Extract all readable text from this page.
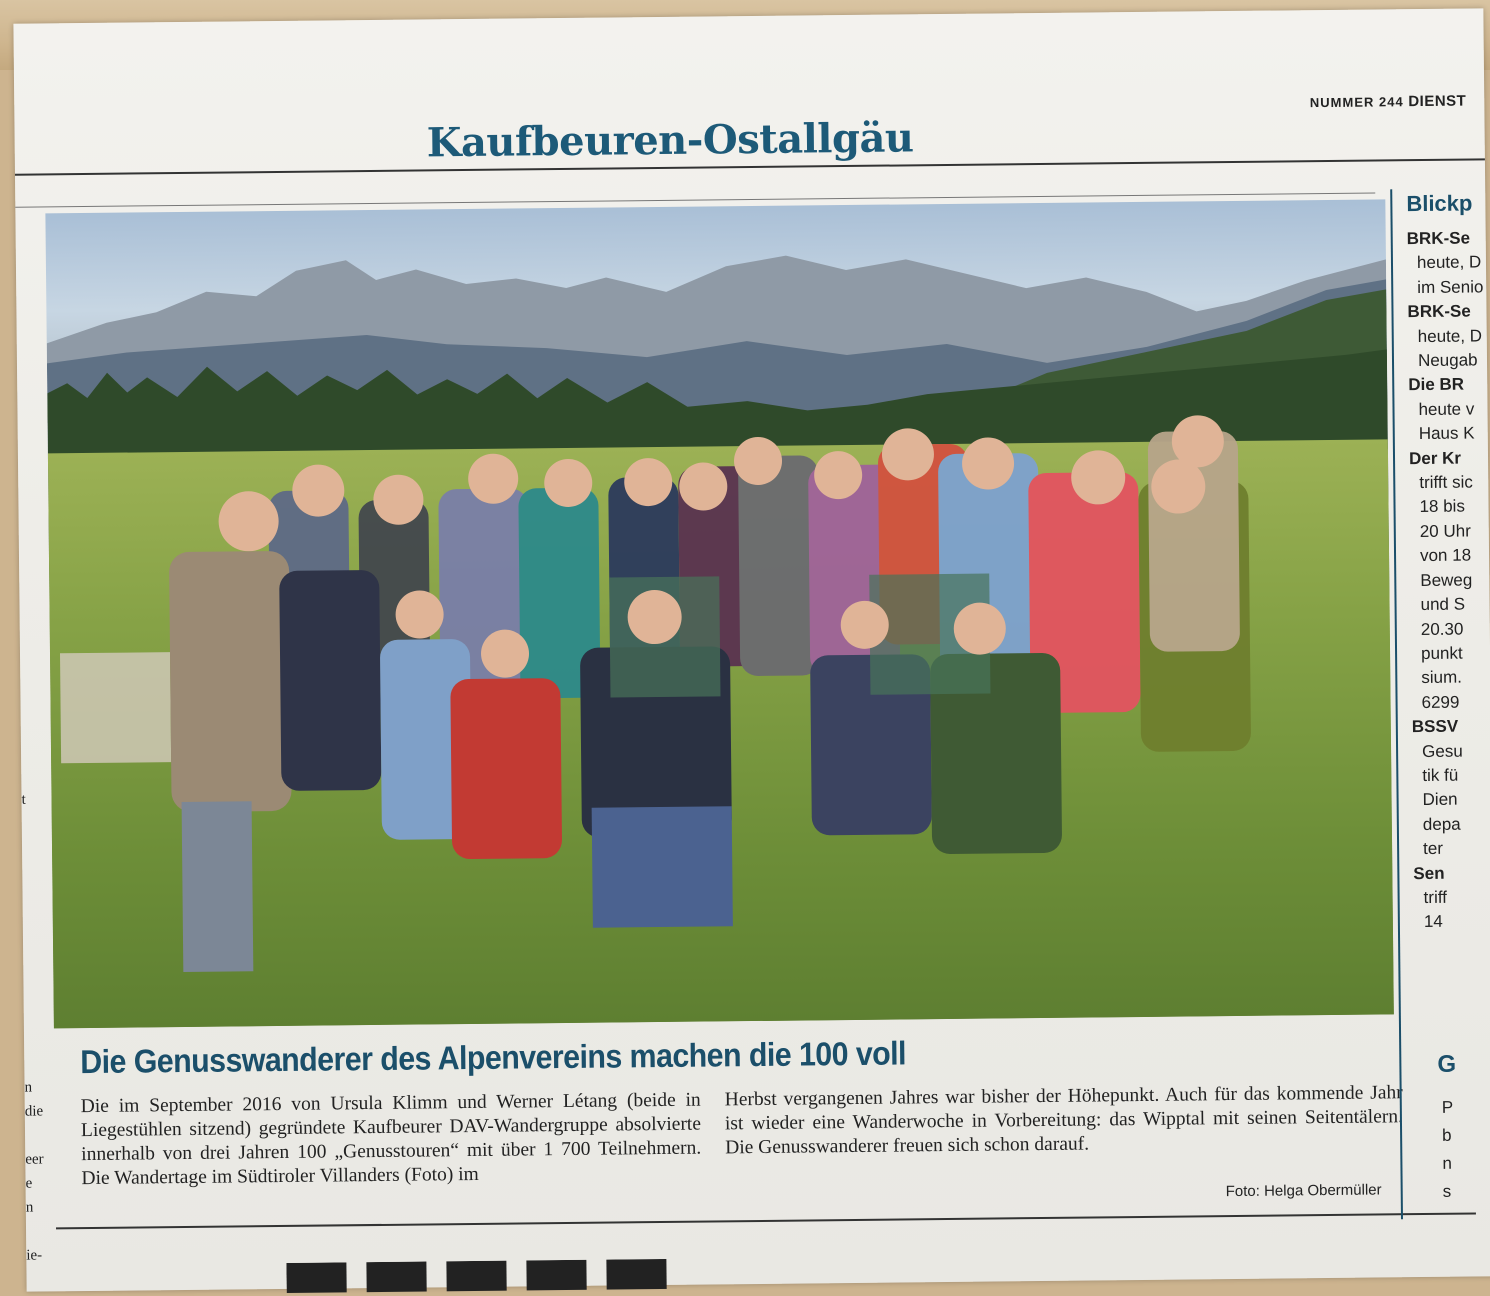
NUMMER 244 DIENST
Kaufbeuren-Ostallgäu
Die Genusswanderer des Alpenvereins machen die 100 voll

Die im September 2016 von Ursula Klimm und Werner Létang (beide in Liegestühlen sitzend) gegründete Kaufbeurer DAV-Wandergruppe absolvierte innerhalb von drei Jahren 100 „Genusstouren“ mit über 1 700 Teilnehmern. Die Wandertage im Südtiroler Villanders (Foto) im

Herbst vergangenen Jahres war bisher der Höhepunkt. Auch für das kommende Jahr ist wieder eine Wanderwoche in Vorbereitung: das Wipptal mit seinen Seitentälern. Die Genusswanderer freuen sich schon darauf.

Foto: Helga Obermüller
Blickp
BRK-Se
heute, D
im Senio
BRK-Se
heute, D
Neugab
Die BR
heute v
Haus K
Der Kr
trifft sic
18 bis
20 Uhr
von 18
Beweg
und S
20.30
punkt
sium.
6299
BSSV
Gesu
tik fü
Dien
depa
ter
Sen
triff
14
G
P
b
n
s

t

n
die

eer
e
n

ie-
